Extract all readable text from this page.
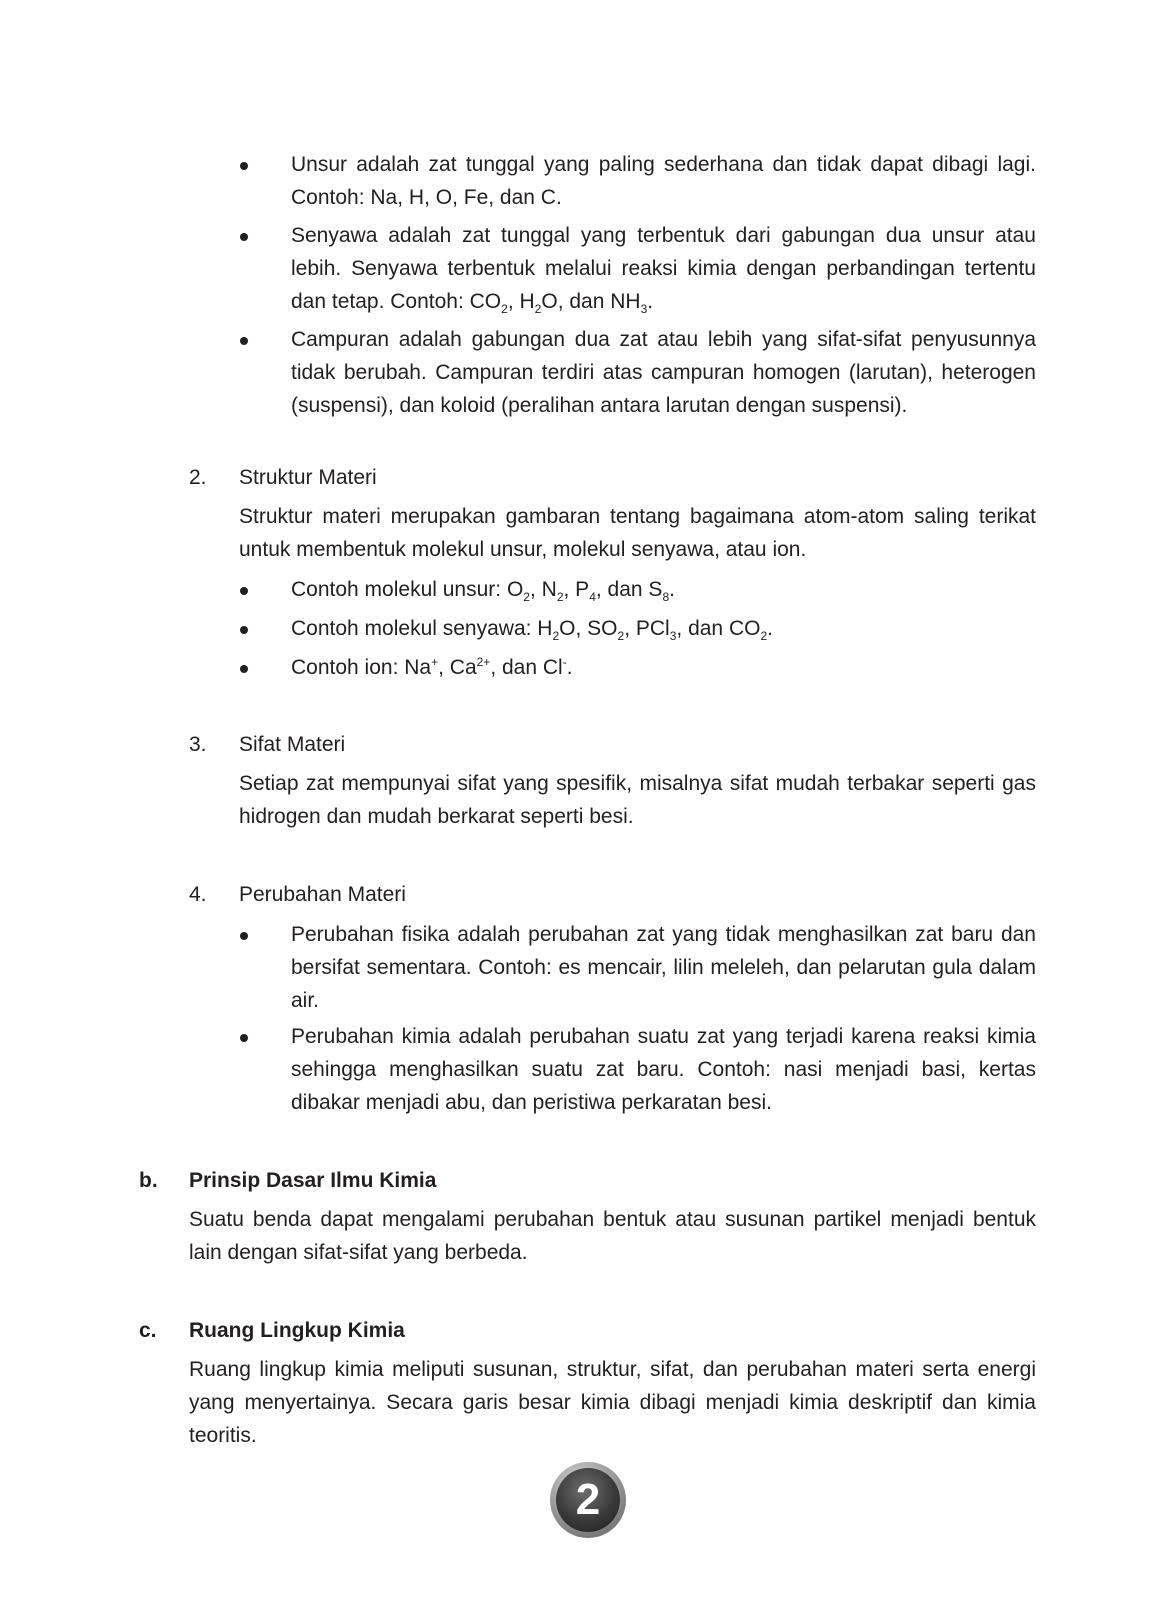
Unsur adalah zat tunggal yang paling sederhana dan tidak dapat dibagi lagi.
Contoh: Na, H, O, Fe, dan C.
Senyawa adalah zat tunggal yang terbentuk dari gabungan dua unsur atau
lebih. Senyawa terbentuk melalui reaksi kimia dengan perbandingan tertentu
dan tetap. Contoh: $CO_2$, $H_2O$, dan $NH_3$.
Campuran adalah gabungan dua zat atau lebih yang sifat-sifat penyusunnya
tidak berubah. Campuran terdiri atas campuran homogen (larutan), heterogen
(suspensi), dan koloid (peralihan antara larutan dengan suspensi).
2. Struktur Materi
Struktur materi merupakan gambaran tentang bagaimana atom-atom saling terikat
untuk membentuk molekul unsur, molekul senyawa, atau ion.
Contoh molekul unsur: $O_2$, $N_2$, $P_4$, dan $S_8$.
Contoh molekul senyawa: $H_2O$, $SO_2$, PCl$_3$, dan $CO_2$.
Contoh ion: Na+, $Ca^{2+}$, dan Cl-.
3. Sifat Materi
Setiap zat mempunyai sifat yang spesifik, misalnya sifat mudah terbakar seperti gas
hidrogen dan mudah berkarat seperti besi.
4. Perubahan Materi
Perubahan fisika adalah perubahan zat yang tidak menghasilkan zat baru dan
bersifat sementara. Contoh: es mencair, lilin meleleh, dan pelarutan gula dalam
air.
Perubahan kimia adalah perubahan suatu zat yang terjadi karena reaksi kimia
sehingga menghasilkan suatu zat baru. Contoh: nasi menjadi basi, kertas
dibakar menjadi abu, dan peristiwa perkaratan besi.
b. Prinsip Dasar Ilmu Kimia
Suatu benda dapat mengalami perubahan bentuk atau susunan partikel menjadi bentuk
lain dengan sifat-sifat yang berbeda.
c. Ruang Lingkup Kimia
Ruang lingkup kimia meliputi susunan, struktur, sifat, dan perubahan materi serta energi
yang menyertainya. Secara garis besar kimia dibagi menjadi kimia deskriptif dan kimia
teoritis.
2
